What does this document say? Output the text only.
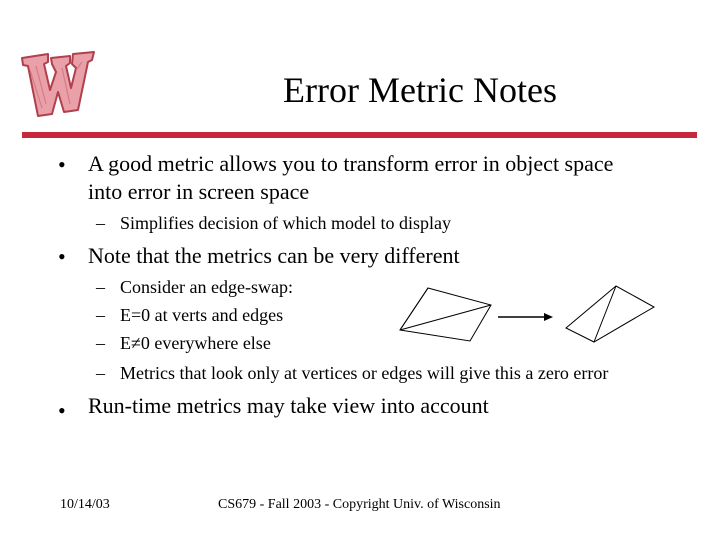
Error Metric Notes
• A good metric allows you to transform error in object space
into error in screen space
– Simplifies decision of which model to display
• Note that the metrics can be very different
– Consider an edge-swap:
– E=0 at verts and edges
– E≠0 everywhere else
– Metrics that look only at vertices or edges will give this a zero error
• Run-time metrics may take view into account
10/14/03	CS679 - Fall 2003 - Copyright Univ. of Wisconsin
